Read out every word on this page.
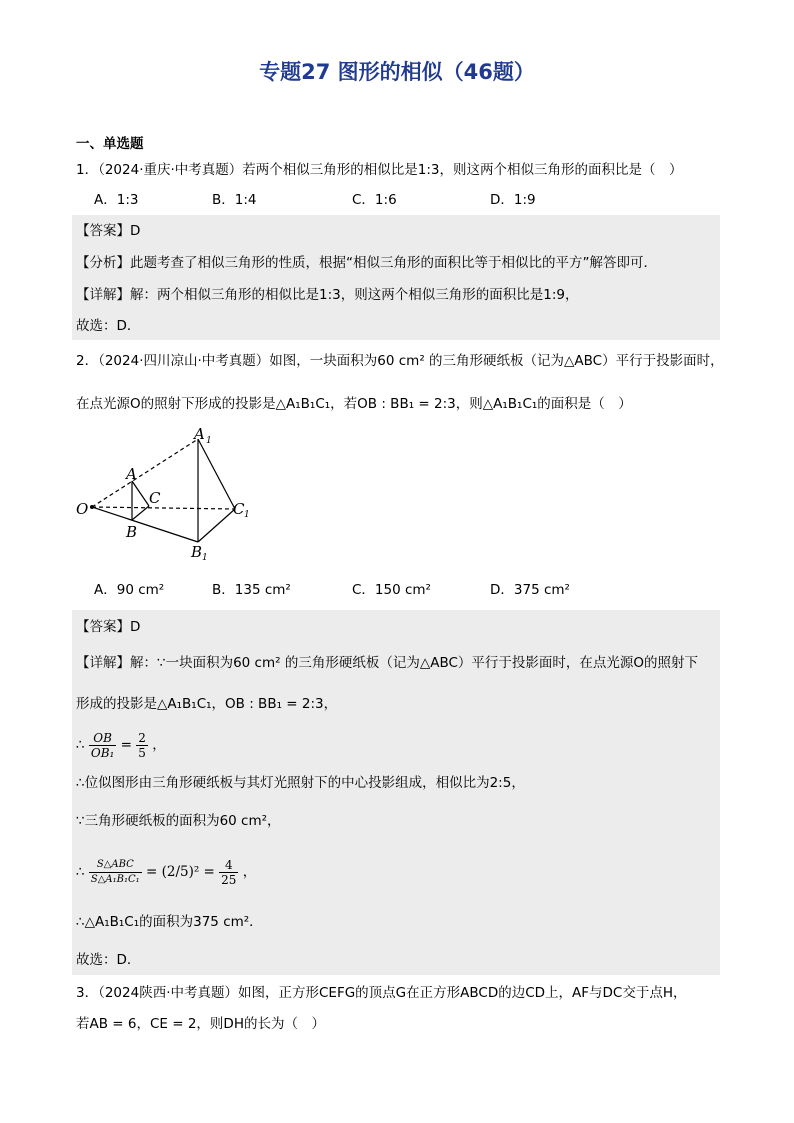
专题27 图形的相似（46题）
一、单选题
1．（2024·重庆·中考真题）若两个相似三角形的相似比是1:3，则这两个相似三角形的面积比是（　）
A．1:3	B．1:4	C．1:6	D．1:9
【答案】D
【分析】此题考查了相似三角形的性质，根据“相似三角形的面积比等于相似比的平方”解答即可．
【详解】解：两个相似三角形的相似比是1:3，则这两个相似三角形的面积比是1:9，
故选：D．
2．（2024·四川凉山·中考真题）如图，一块面积为60 cm² 的三角形硬纸板（记为△ABC）平行于投影面时，
在点光源O的照射下形成的投影是△A₁B₁C₁，若OB : BB₁ = 2:3，则△A₁B₁C₁的面积是（　）
O
A
C
B
A 1
C 1
B 1
A．90 cm²	B．135 cm²	C．150 cm²	D．375 cm²
【答案】D
【详解】解：∵一块面积为60 cm² 的三角形硬纸板（记为△ABC）平行于投影面时，在点光源O的照射下
形成的投影是△A₁B₁C₁，OB : BB₁ = 2:3，
∴ $\frac{OB}{\text{OB₁}} = \frac{2}{5}$ ，
∴位似图形由三角形硬纸板与其灯光照射下的中心投影组成，相似比为2:5，
∵三角形硬纸板的面积为60 cm²，
∴ $\frac{\text{S△ABC}}{\text{S△A₁B₁C₁}} = (2/5)^2 = \frac{4}{25}$ ，
∴△A₁B₁C₁的面积为375 cm²．
故选：D．
3．（2024陕西·中考真题）如图，正方形CEFG的顶点G在正方形ABCD的边CD上，AF与DC交于点H，
若AB = 6，CE = 2，则DH的长为（　）
